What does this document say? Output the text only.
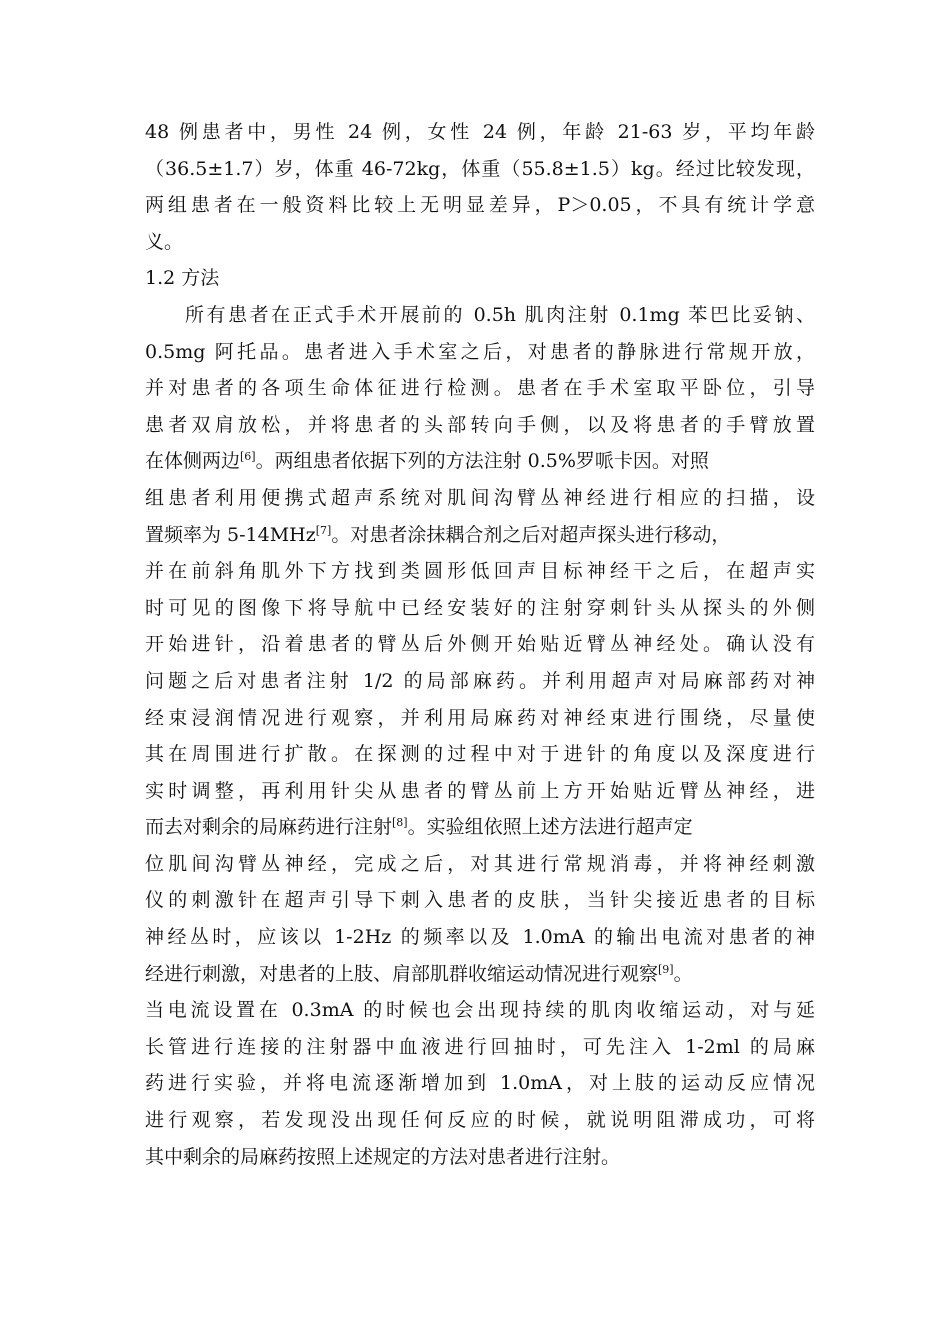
48 例患者中，男性 24 例，女性 24 例，年龄 21-63 岁，平均年龄
（36.5±1.7）岁，体重 46-72kg，体重（55.8±1.5）kg。经过比较发现，
两组患者在一般资料比较上无明显差异，P＞0.05，不具有统计学意
义。
1.2 方法
所有患者在正式手术开展前的 0.5h 肌肉注射 0.1mg 苯巴比妥钠、
0.5mg 阿托品。患者进入手术室之后，对患者的静脉进行常规开放，
并对患者的各项生命体征进行检测。患者在手术室取平卧位，引导
患者双肩放松，并将患者的头部转向手侧，以及将患者的手臂放置
在体侧两边[6]。两组患者依据下列的方法注射 0.5%罗哌卡因。对照
组患者利用便携式超声系统对肌间沟臂丛神经进行相应的扫描，设
置频率为 5-14MHz[7]。对患者涂抹耦合剂之后对超声探头进行移动，
并在前斜角肌外下方找到类圆形低回声目标神经干之后，在超声实
时可见的图像下将导航中已经安装好的注射穿刺针头从探头的外侧
开始进针，沿着患者的臂丛后外侧开始贴近臂丛神经处。确认没有
问题之后对患者注射 1/2 的局部麻药。并利用超声对局麻部药对神
经束浸润情况进行观察，并利用局麻药对神经束进行围绕，尽量使
其在周围进行扩散。在探测的过程中对于进针的角度以及深度进行
实时调整，再利用针尖从患者的臂丛前上方开始贴近臂丛神经，进
而去对剩余的局麻药进行注射[8]。实验组依照上述方法进行超声定
位肌间沟臂丛神经，完成之后，对其进行常规消毒，并将神经刺激
仪的刺激针在超声引导下刺入患者的皮肤，当针尖接近患者的目标
神经丛时，应该以 1-2Hz 的频率以及 1.0mA 的输出电流对患者的神
经进行刺激，对患者的上肢、肩部肌群收缩运动情况进行观察[9]。
当电流设置在 0.3mA 的时候也会出现持续的肌肉收缩运动，对与延
长管进行连接的注射器中血液进行回抽时，可先注入 1-2ml 的局麻
药进行实验，并将电流逐渐增加到 1.0mA，对上肢的运动反应情况
进行观察，若发现没出现任何反应的时候，就说明阻滞成功，可将
其中剩余的局麻药按照上述规定的方法对患者进行注射。
